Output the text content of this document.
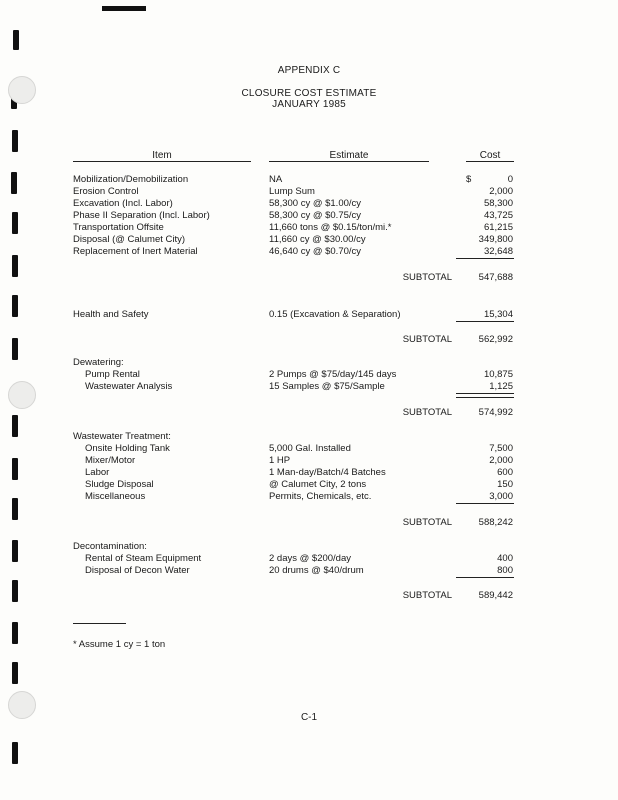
APPENDIX C
CLOSURE COST ESTIMATE
JANUARY 1985
Item	Estimate	Cost
Mobilization/Demobilization	NA	$	0
Erosion Control	Lump Sum	2,000
Excavation (Incl. Labor)	58,300 cy @ $1.00/cy	58,300
Phase II Separation (Incl. Labor)	58,300 cy @ $0.75/cy	43,725
Transportation Offsite	11,660 tons @ $0.15/ton/mi.*	61,215
Disposal (@ Calumet City)	11,660 cy @ $30.00/cy	349,800
Replacement of Inert Material	46,640 cy @ $0.70/cy	32,648
SUBTOTAL	547,688
Health and Safety	0.15 (Excavation & Separation)	15,304
SUBTOTAL	562,992
Dewatering:
Pump Rental	2 Pumps @ $75/day/145 days	10,875
Wastewater Analysis	15 Samples @ $75/Sample	1,125
SUBTOTAL	574,992
Wastewater Treatment:
Onsite Holding Tank	5,000 Gal. Installed	7,500
Mixer/Motor	1 HP	2,000
Labor	1 Man-day/Batch/4 Batches	600
Sludge Disposal	@ Calumet City, 2 tons	150
Miscellaneous	Permits, Chemicals, etc.	3,000
SUBTOTAL	588,242
Decontamination:
Rental of Steam Equipment	2 days @ $200/day	400
Disposal of Decon Water	20 drums @ $40/drum	800
SUBTOTAL	589,442
* Assume 1 cy = 1 ton
C-1
